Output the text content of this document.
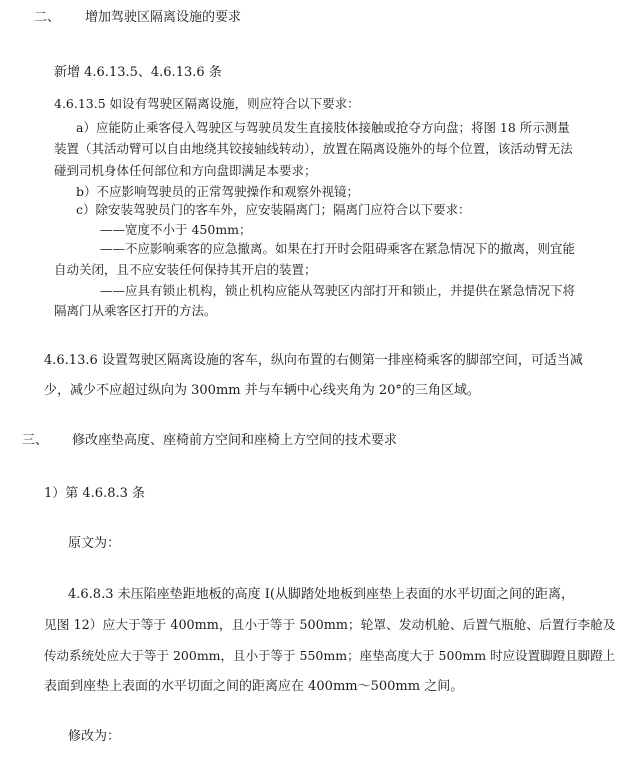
二、 增加驾驶区隔离设施的要求
新增 4.6.13.5、4.6.13.6 条
4.6.13.5 如设有驾驶区隔离设施，则应符合以下要求：
a）应能防止乘客侵入驾驶区与驾驶员发生直接肢体接触或抢夺方向盘；将图 18 所示测量
装置（其活动臂可以自由地绕其铰接轴线转动），放置在隔离设施外的每个位置，该活动臂无法
碰到司机身体任何部位和方向盘即满足本要求；
b）不应影响驾驶员的正常驾驶操作和观察外视镜；
c）除安装驾驶员门的客车外，应安装隔离门；隔离门应符合以下要求：
——宽度不小于 450mm；
——不应影响乘客的应急撤离。如果在打开时会阻碍乘客在紧急情况下的撤离，则宜能
自动关闭，且不应安装任何保持其开启的装置；
——应具有锁止机构，锁止机构应能从驾驶区内部打开和锁止，并提供在紧急情况下将
隔离门从乘客区打开的方法。
4.6.13.6 设置驾驶区隔离设施的客车，纵向布置的右侧第一排座椅乘客的脚部空间，可适当减
少，减少不应超过纵向为 300mm 并与车辆中心线夹角为 20°的三角区域。
三、 修改座垫高度、座椅前方空间和座椅上方空间的技术要求
1）第 4.6.8.3 条
原文为：
4.6.8.3 未压陷座垫距地板的高度 I(从脚踏处地板到座垫上表面的水平切面之间的距离，
见图 12）应大于等于 400mm，且小于等于 500mm；轮罩、发动机舱、后置气瓶舱、后置行李舱及
传动系统处应大于等于 200mm，且小于等于 550mm；座垫高度大于 500mm 时应设置脚蹬且脚蹬上
表面到座垫上表面的水平切面之间的距离应在 400mm～500mm 之间。
修改为：
